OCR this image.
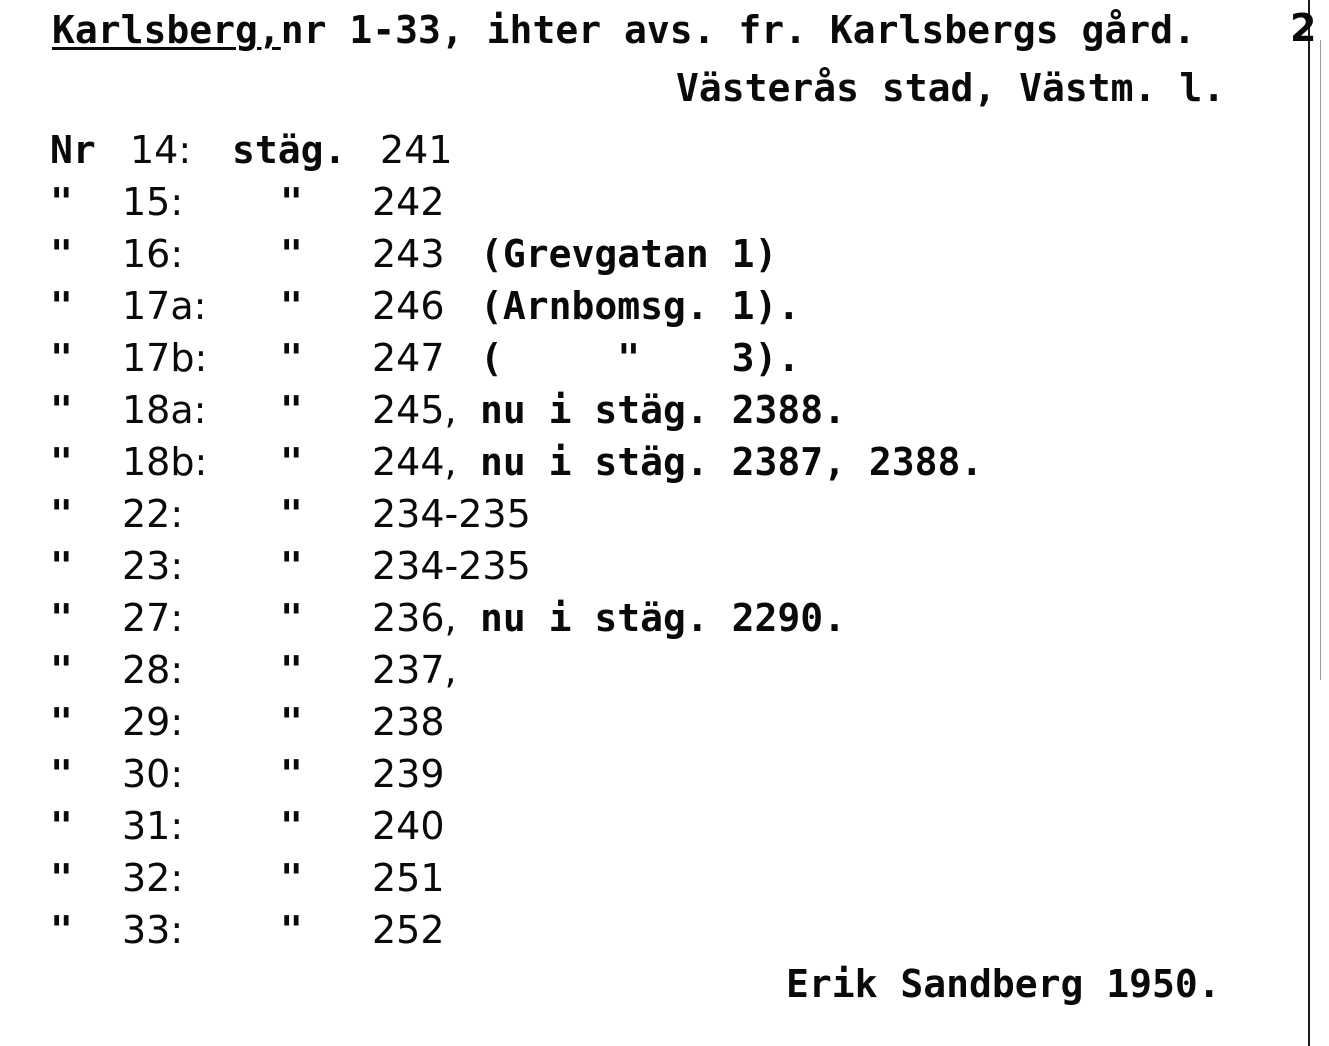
Karlsberg,nr 1-33, ihter avs. fr. Karlsbergs gård. 2
Västerås stad, Västm. l.
Nr 14: stäg. 241
" 15:	" 242
" 16:	" 243 (Grevgatan 1)
" 17a: " 246 (Arnbomsg. 1).
" 17b: " 247 (     "    3).
" 18a: " 245, nu i stäg. 2388.
" 18b: " 244, nu i stäg. 2387, 2388.
" 22:	" 234-235
" 23:	" 234-235
" 27:	" 236, nu i stäg. 2290.
" 28:	" 237,
" 29:	" 238
" 30:	" 239
" 31:	" 240
" 32:	" 251
" 33:	" 252
Erik Sandberg 1950.
